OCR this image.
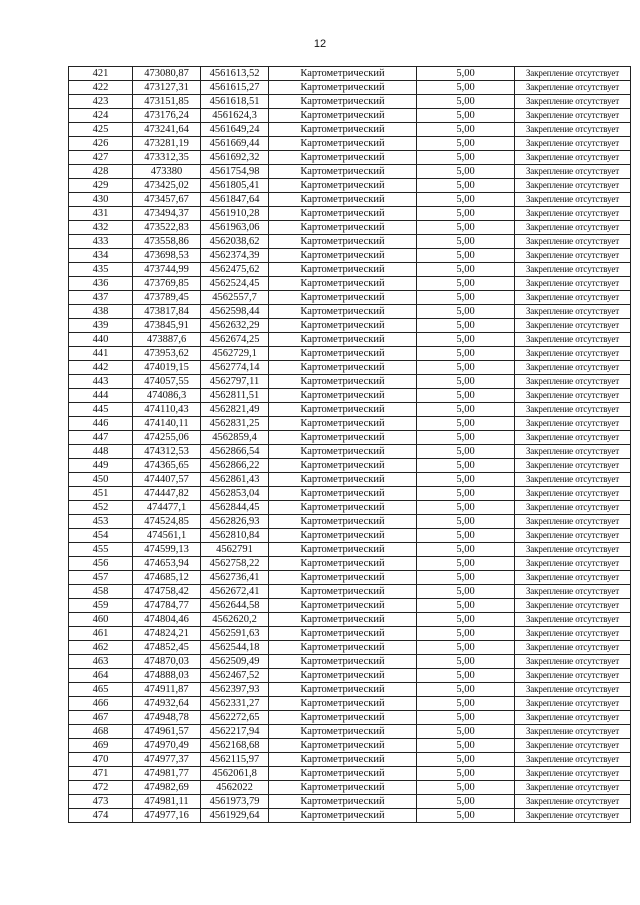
12
421	473080,87	4561613,52	Картометрический	5,00	Закрепление отсутствует
422	473127,31	4561615,27	Картометрический	5,00	Закрепление отсутствует
423	473151,85	4561618,51	Картометрический	5,00	Закрепление отсутствует
424	473176,24	4561624,3	Картометрический	5,00	Закрепление отсутствует
425	473241,64	4561649,24	Картометрический	5,00	Закрепление отсутствует
426	473281,19	4561669,44	Картометрический	5,00	Закрепление отсутствует
427	473312,35	4561692,32	Картометрический	5,00	Закрепление отсутствует
428	473380	4561754,98	Картометрический	5,00	Закрепление отсутствует
429	473425,02	4561805,41	Картометрический	5,00	Закрепление отсутствует
430	473457,67	4561847,64	Картометрический	5,00	Закрепление отсутствует
431	473494,37	4561910,28	Картометрический	5,00	Закрепление отсутствует
432	473522,83	4561963,06	Картометрический	5,00	Закрепление отсутствует
433	473558,86	4562038,62	Картометрический	5,00	Закрепление отсутствует
434	473698,53	4562374,39	Картометрический	5,00	Закрепление отсутствует
435	473744,99	4562475,62	Картометрический	5,00	Закрепление отсутствует
436	473769,85	4562524,45	Картометрический	5,00	Закрепление отсутствует
437	473789,45	4562557,7	Картометрический	5,00	Закрепление отсутствует
438	473817,84	4562598,44	Картометрический	5,00	Закрепление отсутствует
439	473845,91	4562632,29	Картометрический	5,00	Закрепление отсутствует
440	473887,6	4562674,25	Картометрический	5,00	Закрепление отсутствует
441	473953,62	4562729,1	Картометрический	5,00	Закрепление отсутствует
442	474019,15	4562774,14	Картометрический	5,00	Закрепление отсутствует
443	474057,55	4562797,11	Картометрический	5,00	Закрепление отсутствует
444	474086,3	4562811,51	Картометрический	5,00	Закрепление отсутствует
445	474110,43	4562821,49	Картометрический	5,00	Закрепление отсутствует
446	474140,11	4562831,25	Картометрический	5,00	Закрепление отсутствует
447	474255,06	4562859,4	Картометрический	5,00	Закрепление отсутствует
448	474312,53	4562866,54	Картометрический	5,00	Закрепление отсутствует
449	474365,65	4562866,22	Картометрический	5,00	Закрепление отсутствует
450	474407,57	4562861,43	Картометрический	5,00	Закрепление отсутствует
451	474447,82	4562853,04	Картометрический	5,00	Закрепление отсутствует
452	474477,1	4562844,45	Картометрический	5,00	Закрепление отсутствует
453	474524,85	4562826,93	Картометрический	5,00	Закрепление отсутствует
454	474561,1	4562810,84	Картометрический	5,00	Закрепление отсутствует
455	474599,13	4562791	Картометрический	5,00	Закрепление отсутствует
456	474653,94	4562758,22	Картометрический	5,00	Закрепление отсутствует
457	474685,12	4562736,41	Картометрический	5,00	Закрепление отсутствует
458	474758,42	4562672,41	Картометрический	5,00	Закрепление отсутствует
459	474784,77	4562644,58	Картометрический	5,00	Закрепление отсутствует
460	474804,46	4562620,2	Картометрический	5,00	Закрепление отсутствует
461	474824,21	4562591,63	Картометрический	5,00	Закрепление отсутствует
462	474852,45	4562544,18	Картометрический	5,00	Закрепление отсутствует
463	474870,03	4562509,49	Картометрический	5,00	Закрепление отсутствует
464	474888,03	4562467,52	Картометрический	5,00	Закрепление отсутствует
465	474911,87	4562397,93	Картометрический	5,00	Закрепление отсутствует
466	474932,64	4562331,27	Картометрический	5,00	Закрепление отсутствует
467	474948,78	4562272,65	Картометрический	5,00	Закрепление отсутствует
468	474961,57	4562217,94	Картометрический	5,00	Закрепление отсутствует
469	474970,49	4562168,68	Картометрический	5,00	Закрепление отсутствует
470	474977,37	4562115,97	Картометрический	5,00	Закрепление отсутствует
471	474981,77	4562061,8	Картометрический	5,00	Закрепление отсутствует
472	474982,69	4562022	Картометрический	5,00	Закрепление отсутствует
473	474981,11	4561973,79	Картометрический	5,00	Закрепление отсутствует
474	474977,16	4561929,64	Картометрический	5,00	Закрепление отсутствует
